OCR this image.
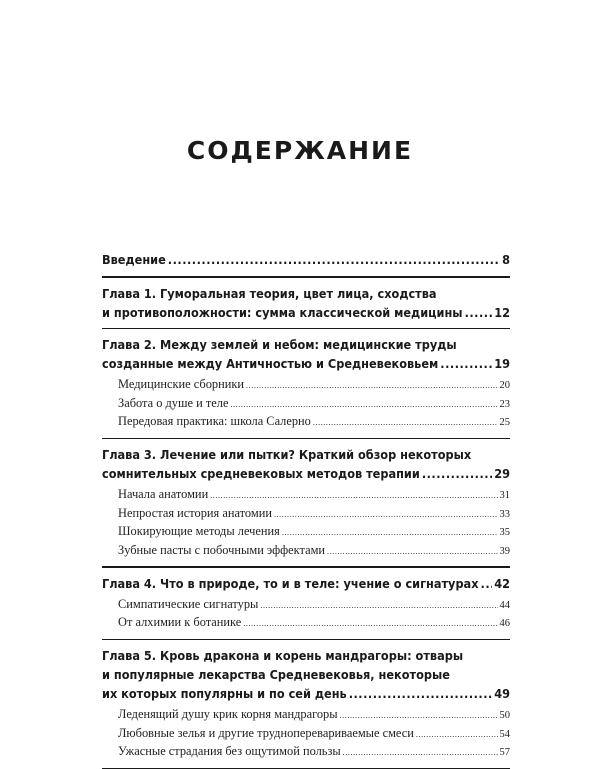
СОДЕРЖАНИЕ
Введение .....	8
Глава 1. Гуморальная теория, цвет лица, сходства
и противоположности: сумма классической медицины .....	12
Глава 2. Между землей и небом: медицинские труды
созданные между Античностью и Средневековьем .....	19
Медицинские сборники .....	20
Забота о душе и теле .....	23
Передовая практика: школа Салерно .....	25
Глава 3. Лечение или пытки? Краткий обзор некоторых
сомнительных средневековых методов терапии .....	29
Начала анатомии .....	31
Непростая история анатомии .....	33
Шокирующие методы лечения .....	35
Зубные пасты с побочными эффектами .....	39
Глава 4. Что в природе, то и в теле: учение о сигнатурах ..... 42
Симпатические сигнатуры .....	44
От алхимии к ботанике .....	46
Глава 5. Кровь дракона и корень мандрагоры: отвары
и популярные лекарства Средневековья, некоторые
их которых популярны и по сей день .....	49
Леденящий душу крик корня мандрагоры .....	50
Любовные зелья и другие трудноперевариваемые смеси .....	54
Ужасные страдания без ощутимой пользы .....	57
